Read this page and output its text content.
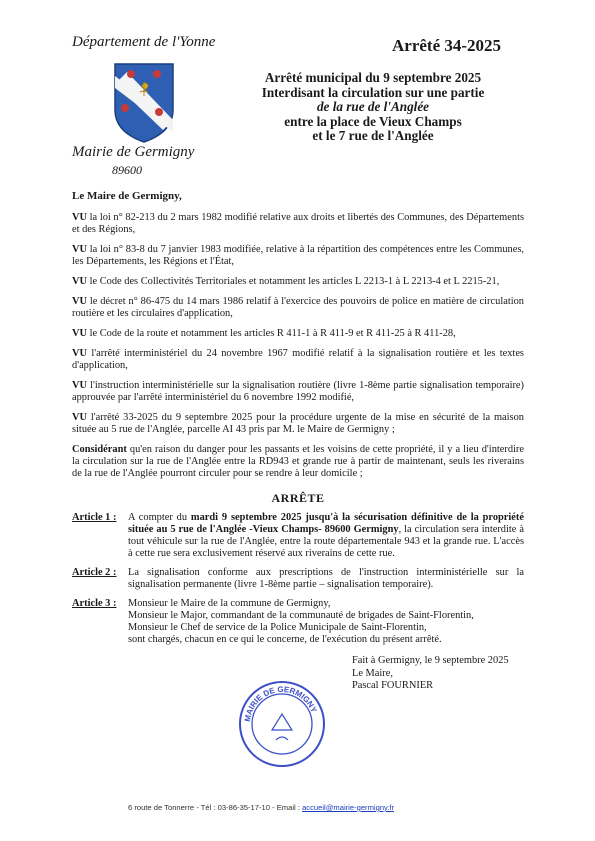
Département de l'Yonne	Arrêté 34-2025
Mairie de Germigny
89600
Arrêté municipal du 9 septembre 2025
Interdisant la circulation sur une partie
de la rue de l'Anglée
entre la place de Vieux Champs
et le 7 rue de l'Anglée
Le Maire de Germigny,

VU la loi n° 82-213 du 2 mars 1982 modifié relative aux droits et libertés des Communes, des Départements et des Régions,

VU la loi n° 83-8 du 7 janvier 1983 modifiée, relative à la répartition des compétences entre les Communes, les Départements, les Régions et l'État,

VU le Code des Collectivités Territoriales et notamment les articles L 2213-1 à L 2213-4 et L 2215-21,

VU le décret n° 86-475 du 14 mars 1986 relatif à l'exercice des pouvoirs de police en matière de circulation routière et les circulaires d'application,

VU le Code de la route et notamment les articles R 411-1 à R 411-9 et R 411-25 à R 411-28,

VU l'arrêté interministériel du 24 novembre 1967 modifié relatif à la signalisation routière et les textes d'application,

VU l'instruction interministérielle sur la signalisation routière (livre 1-8ème partie signalisation temporaire) approuvée par l'arrêté interministériel du 6 novembre 1992 modifié,

VU l'arrêté 33-2025 du 9 septembre 2025 pour la procédure urgente de la mise en sécurité de la maison située au 5 rue de l'Anglée, parcelle AI 43 pris par M. le Maire de Germigny ;

Considérant qu'en raison du danger pour les passants et les voisins de cette propriété, il y a lieu d'interdire la circulation sur la rue de l'Anglée entre la RD943 et grande rue à partir de maintenant, seuls les riverains de la rue de l'Anglée pourront circuler pour se rendre à leur domicile ;

ARRÊTE
Article 1 :	A compter du mardi 9 septembre 2025 jusqu'à la sécurisation définitive de la propriété située au 5 rue de l'Anglée -Vieux Champs- 89600 Germigny, la circulation sera interdite à tout véhicule sur la rue de l'Anglée, entre la route départementale 943 et la grande rue. L'accès à cette rue sera exclusivement réservé aux riverains de cette rue.
Article 2 :	La signalisation conforme aux prescriptions de l'instruction interministérielle sur la signalisation permanente (livre 1-8ème partie – signalisation temporaire).
Article 3 :	Monsieur le Maire de la commune de Germigny,
Monsieur le Major, commandant de la communauté de brigades de Saint-Florentin,
Monsieur le Chef de service de la Police Municipale de Saint-Florentin,
sont chargés, chacun en ce qui le concerne, de l'exécution du présent arrêté.
Fait à Germigny, le 9 septembre 2025
Le Maire,
Pascal FOURNIER
MAIRIE DE GERMIGNY
6 route de Tonnerre - Tél : 03-86-35-17-10 - Email : accueil@mairie-germigny.fr
